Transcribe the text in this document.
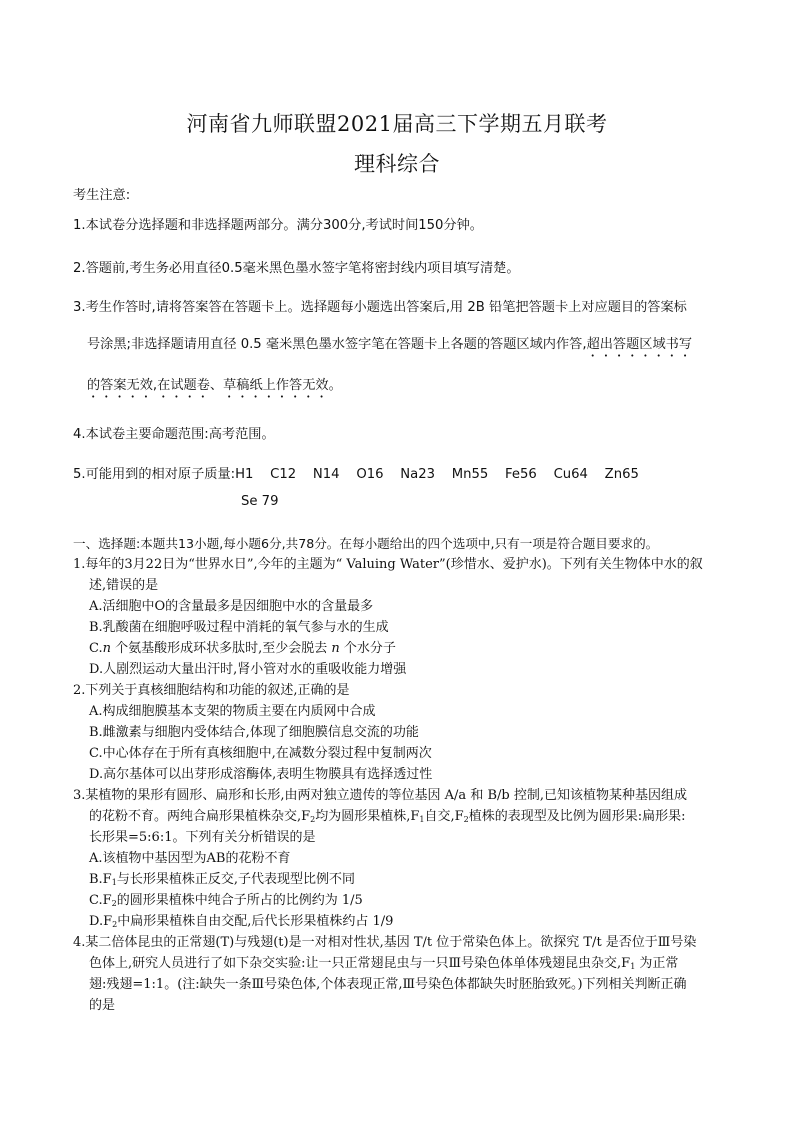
河南省九师联盟2021届高三下学期五月联考
理科综合
考生注意:
1.本试卷分选择题和非选择题两部分。满分300分,考试时间150分钟。
2.答题前,考生务必用直径0.5毫米黑色墨水签字笔将密封线内项目填写清楚。
3.考生作答时,请将答案答在答题卡上。选择题每小题选出答案后,用 2B 铅笔把答题卡上对应题目的答案标
号涂黑;非选择题请用直径 0.5 毫米黑色墨水签字笔在答题卡上各题的答题区域内作答,超出答题区域书写
的答案无效,在试题卷、草稿纸上作答无效。
4.本试卷主要命题范围:高考范围。
5.可能用到的相对原子质量:H1    C12    N14    O16    Na23    Mn55    Fe56    Cu64    Zn65
Se 79
一、选择题:本题共13小题,每小题6分,共78分。在每小题给出的四个选项中,只有一项是符合题目要求的。
1.每年的3月22日为“世界水日”,今年的主题为“ Valuing Water”(珍惜水、爱护水)。下列有关生物体中水的叙
述,错误的是
A.活细胞中O的含量最多是因细胞中水的含量最多
B.乳酸菌在细胞呼吸过程中消耗的氧气参与水的生成
C.n 个氨基酸形成环状多肽时,至少会脱去 n 个水分子
D.人剧烈运动大量出汗时,肾小管对水的重吸收能力增强
2.下列关于真核细胞结构和功能的叙述,正确的是
A.构成细胞膜基本支架的物质主要在内质网中合成
B.雌激素与细胞内受体结合,体现了细胞膜信息交流的功能
C.中心体存在于所有真核细胞中,在减数分裂过程中复制两次
D.高尔基体可以出芽形成溶酶体,表明生物膜具有选择透过性
3.某植物的果形有圆形、扁形和长形,由两对独立遗传的等位基因 A/a 和 B/b 控制,已知该植物某种基因组成
的花粉不育。两纯合扁形果植株杂交$,F_2$均为圆形果植株$,F_1$自交$,F_2$植株的表现型及比例为圆形果:扁形果:
长形果=5:6:1。下列有关分析错误的是
A.该植物中基因型为AB的花粉不育
$B.F_1$与长形果植株正反交,子代表现型比例不同
$C.F_2$的圆形果植株中纯合子所占的比例约为 1/5
$D.F_2$中扁形果植株自由交配,后代长形果植株约占 1/9
4.某二倍体昆虫的正常翅(T)与残翅(t)是一对相对性状,基因 T/t 位于常染色体上。欲探究 T/t 是否位于Ⅲ号染
色体上,研究人员进行了如下杂交实验:让一只正常翅昆虫与一只Ⅲ号染色体单体残翅昆虫杂交$,F_1$ 为正常
翅:残翅=1:1。(注:缺失一条Ⅲ号染色体,个体表现正常,Ⅲ号染色体都缺失时胚胎致死。)下列相关判断正确
的是
